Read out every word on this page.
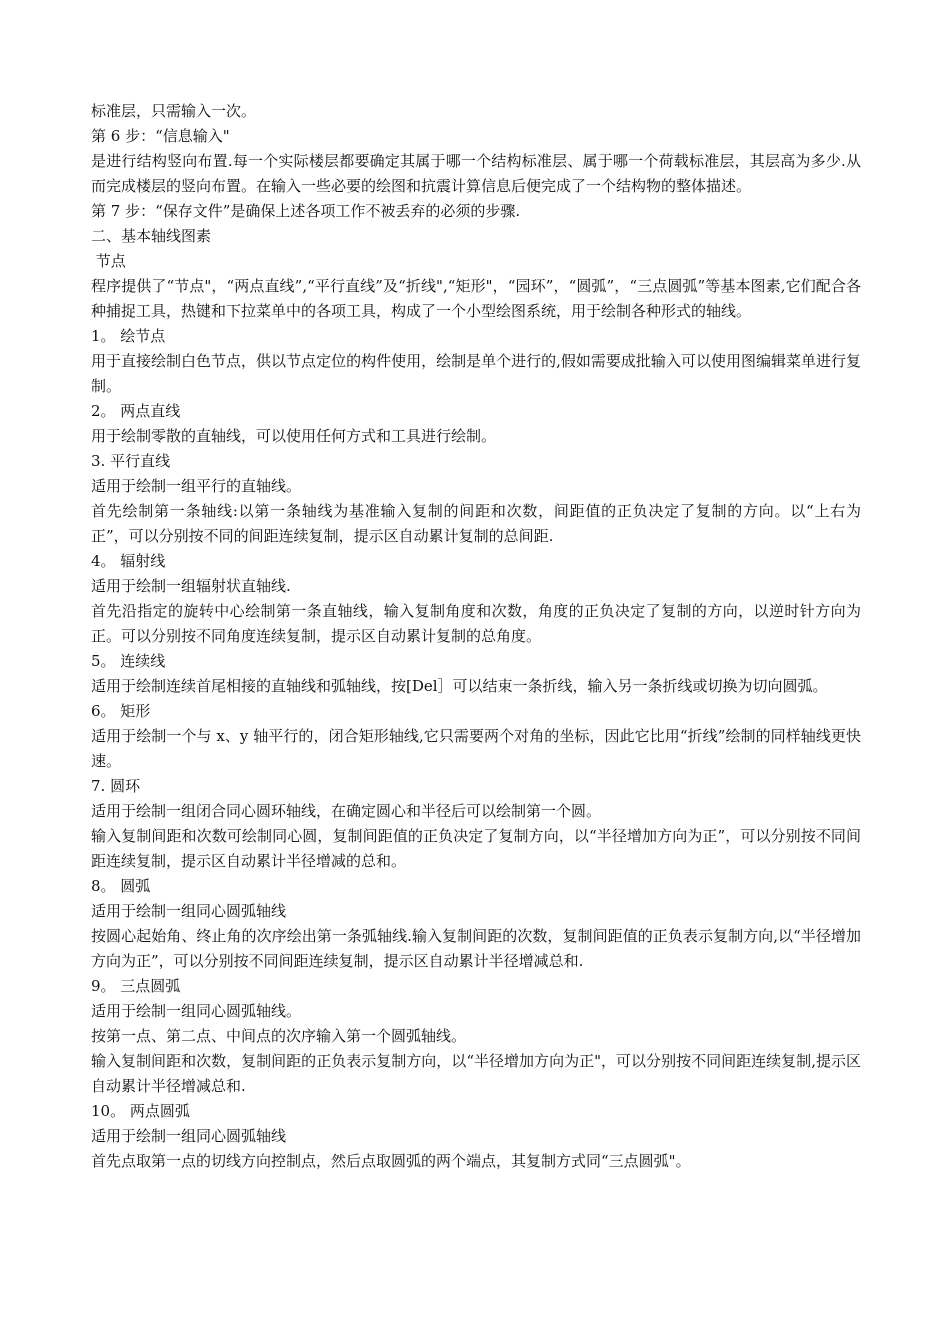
标准层，只需输入一次。
第 6 步：“信息输入"
是进行结构竖向布置.每一个实际楼层都要确定其属于哪一个结构标准层、属于哪一个荷载标准层，其层高为多少.从而完成楼层的竖向布置。在输入一些必要的绘图和抗震计算信息后便完成了一个结构物的整体描述。
第 7 步：“保存文件”是确保上述各项工作不被丢弃的必须的步骤.
二、基本轴线图素
节点
程序提供了“节点"，“两点直线”,“平行直线”及“折线",“矩形"，“园环”，“圆弧”，“三点圆弧”等基本图素,它们配合各种捕捉工具，热键和下拉菜单中的各项工具，构成了一个小型绘图系统，用于绘制各种形式的轴线。
1。 绘节点
用于直接绘制白色节点，供以节点定位的构件使用，绘制是单个进行的,假如需要成批输入可以使用图编辑菜单进行复制。
2。 两点直线
用于绘制零散的直轴线，可以使用任何方式和工具进行绘制。
3. 平行直线
适用于绘制一组平行的直轴线。
首先绘制第一条轴线:以第一条轴线为基准输入复制的间距和次数，间距值的正负决定了复制的方向。以“上右为正”，可以分别按不同的间距连续复制，提示区自动累计复制的总间距.
4。 辐射线
适用于绘制一组辐射状直轴线.
首先沿指定的旋转中心绘制第一条直轴线，输入复制角度和次数，角度的正负决定了复制的方向，以逆时针方向为正。可以分别按不同角度连续复制，提示区自动累计复制的总角度。
5。 连续线
适用于绘制连续首尾相接的直轴线和弧轴线，按[Del］可以结束一条折线，输入另一条折线或切换为切向圆弧。
6。 矩形
适用于绘制一个与 x、y 轴平行的，闭合矩形轴线,它只需要两个对角的坐标，因此它比用“折线”绘制的同样轴线更快速。
7. 圆环
适用于绘制一组闭合同心圆环轴线，在确定圆心和半径后可以绘制第一个圆。
输入复制间距和次数可绘制同心圆，复制间距值的正负决定了复制方向，以“半径增加方向为正”，可以分别按不同间距连续复制，提示区自动累计半径增减的总和。
8。 圆弧
适用于绘制一组同心圆弧轴线
按圆心起始角、终止角的次序绘出第一条弧轴线.输入复制间距的次数，复制间距值的正负表示复制方向,以“半径增加方向为正”，可以分别按不同间距连续复制，提示区自动累计半径增减总和.
9。 三点圆弧
适用于绘制一组同心圆弧轴线。
按第一点、第二点、中间点的次序输入第一个圆弧轴线。
输入复制间距和次数，复制间距的正负表示复制方向，以“半径增加方向为正"，可以分别按不同间距连续复制,提示区自动累计半径增减总和.
10。 两点圆弧
适用于绘制一组同心圆弧轴线
首先点取第一点的切线方向控制点，然后点取圆弧的两个端点，其复制方式同“三点圆弧"。
